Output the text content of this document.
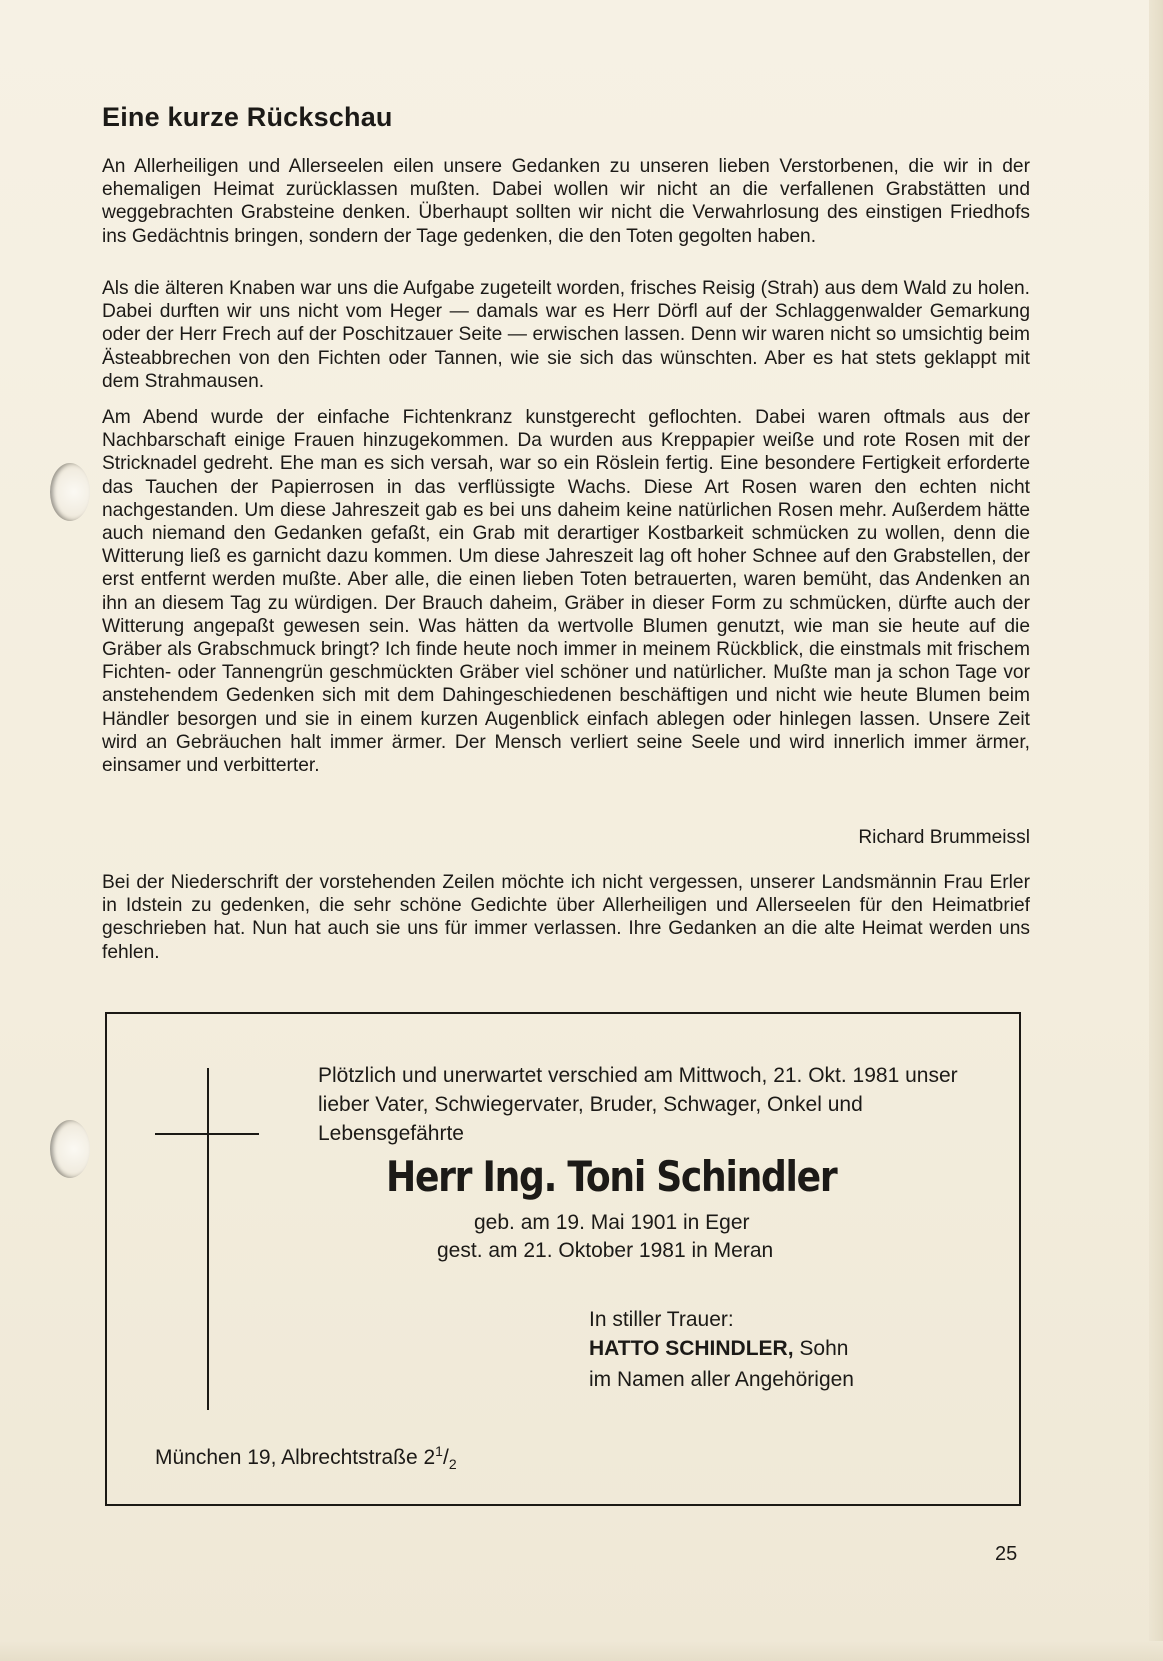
Eine kurze Rückschau

An Allerheiligen und Allerseelen eilen unsere Gedanken zu unseren lieben Verstorbenen, die wir in der ehemaligen Heimat zurücklassen mußten. Dabei wollen wir nicht an die verfallenen Grabstätten und weggebrachten Grabsteine denken. Überhaupt sollten wir nicht die Verwahrlosung des einstigen Friedhofs ins Gedächtnis bringen, sondern der Tage gedenken, die den Toten gegolten haben.

Als die älteren Knaben war uns die Aufgabe zugeteilt worden, frisches Reisig (Strah) aus dem Wald zu holen. Dabei durften wir uns nicht vom Heger — damals war es Herr Dörfl auf der Schlaggenwalder Gemarkung oder der Herr Frech auf der Poschitzauer Seite — erwischen lassen. Denn wir waren nicht so umsichtig beim Ästeabbrechen von den Fichten oder Tannen, wie sie sich das wünschten. Aber es hat stets geklappt mit dem Strahmausen.

Am Abend wurde der einfache Fichtenkranz kunstgerecht geflochten. Dabei waren oftmals aus der Nachbarschaft einige Frauen hinzugekommen. Da wurden aus Kreppapier weiße und rote Rosen mit der Stricknadel gedreht. Ehe man es sich versah, war so ein Röslein fertig. Eine besondere Fertigkeit erforderte das Tauchen der Papierrosen in das verflüssigte Wachs. Diese Art Rosen waren den echten nicht nachgestanden. Um diese Jahreszeit gab es bei uns daheim keine natürlichen Rosen mehr. Außerdem hätte auch niemand den Gedanken gefaßt, ein Grab mit derartiger Kostbarkeit schmücken zu wollen, denn die Witterung ließ es garnicht dazu kommen. Um diese Jahreszeit lag oft hoher Schnee auf den Grabstellen, der erst entfernt werden mußte. Aber alle, die einen lieben Toten betrauerten, waren bemüht, das Andenken an ihn an diesem Tag zu würdigen. Der Brauch daheim, Gräber in dieser Form zu schmücken, dürfte auch der Witterung angepaßt gewesen sein. Was hätten da wertvolle Blumen genutzt, wie man sie heute auf die Gräber als Grabschmuck bringt? Ich finde heute noch immer in meinem Rückblick, die einstmals mit frischem Fichten- oder Tannengrün geschmückten Gräber viel schöner und natürlicher. Mußte man ja schon Tage vor anstehendem Gedenken sich mit dem Dahingeschiedenen beschäftigen und nicht wie heute Blumen beim Händler besorgen und sie in einem kurzen Augenblick einfach ablegen oder hinlegen lassen. Unsere Zeit wird an Gebräuchen halt immer ärmer. Der Mensch verliert seine Seele und wird innerlich immer ärmer, einsamer und verbitterter.

Richard Brummeissl

Bei der Niederschrift der vorstehenden Zeilen möchte ich nicht vergessen, unserer Landsmännin Frau Erler in Idstein zu gedenken, die sehr schöne Gedichte über Allerheiligen und Allerseelen für den Heimatbrief geschrieben hat. Nun hat auch sie uns für immer verlassen. Ihre Gedanken an die alte Heimat werden uns fehlen.

Plötzlich und unerwartet verschied am Mittwoch, 21. Okt. 1981 unser lieber Vater, Schwiegervater, Bruder, Schwager, Onkel und Lebensgefährte

Herr Ing. Toni Schindler

geb. am 19. Mai 1901 in Eger

gest. am 21. Oktober 1981 in Meran

In stiller Trauer:

HATTO SCHINDLER, Sohn

im Namen aller Angehörigen

München 19, Albrechtstraße $2^1/_2$

25
